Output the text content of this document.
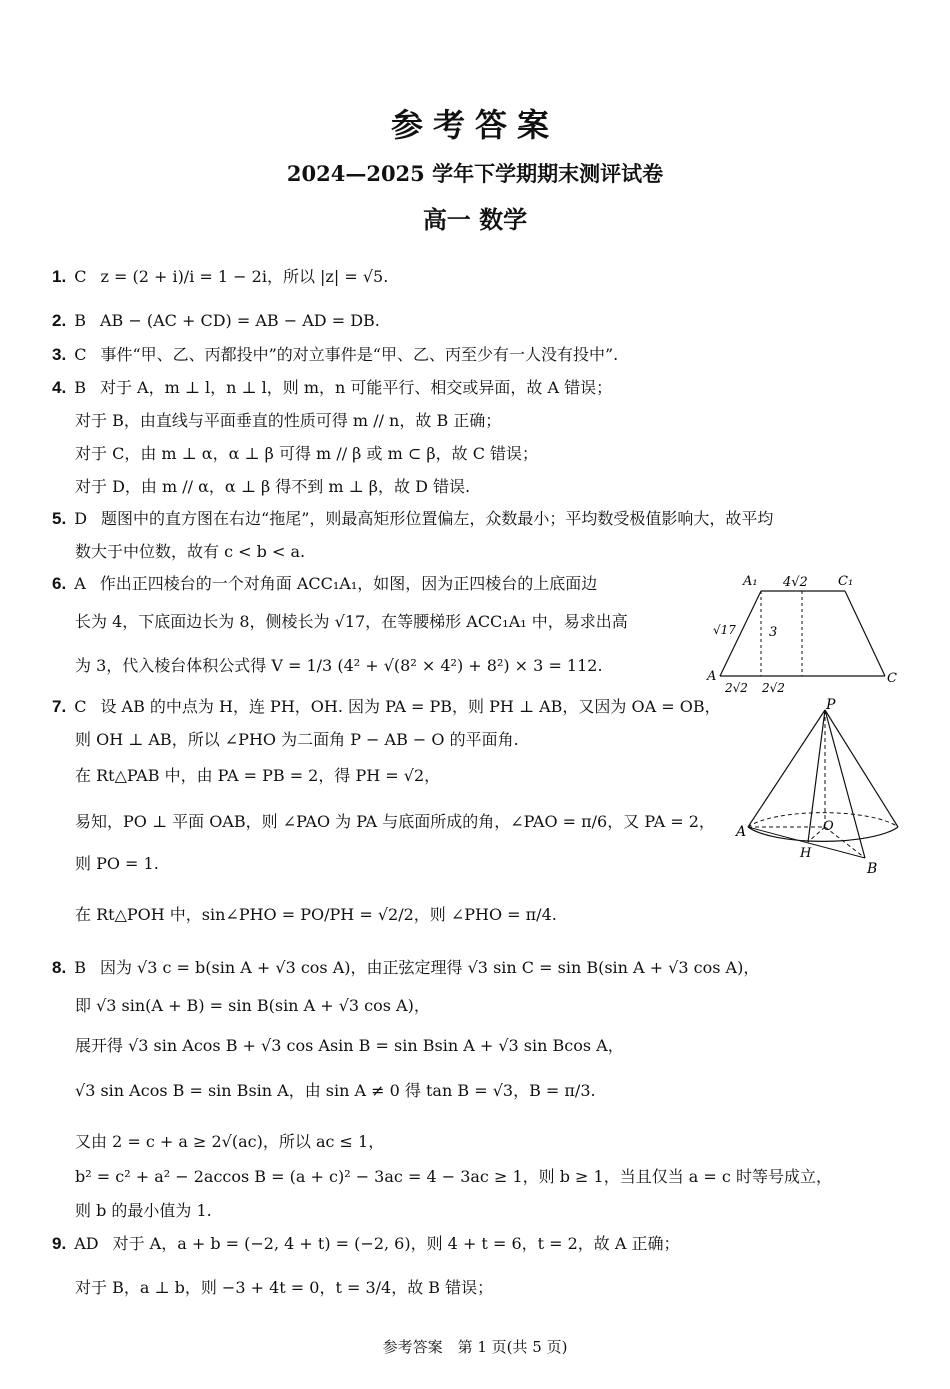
参考答案
2024—2025 学年下学期期末测评试卷
高一 数学
1. C z = (2 + i)/i = 1 − 2i，所以 |z| = √5.
2. B AB − (AC + CD) = AB − AD = DB.
3. C 事件“甲、乙、丙都投中”的对立事件是“甲、乙、丙至少有一人没有投中”.
4. B 对于 A，m ⊥ l，n ⊥ l，则 m，n 可能平行、相交或异面，故 A 错误；
对于 B，由直线与平面垂直的性质可得 m // n，故 B 正确；
对于 C，由 m ⊥ α，α ⊥ β 可得 m // β 或 m ⊂ β，故 C 错误；
对于 D，由 m // α，α ⊥ β 得不到 m ⊥ β，故 D 错误.
5. D 题图中的直方图在右边“拖尾”，则最高矩形位置偏左，众数最小；平均数受极值影响大，故平均
数大于中位数，故有 c < b < a.
6. A 作出正四棱台的一个对角面 ACC₁A₁，如图，因为正四棱台的上底面边
长为 4，下底面边长为 8，侧棱长为 √17，在等腰梯形 ACC₁A₁ 中，易求出高
为 3，代入棱台体积公式得 V = 1/3 (4² + √(8² × 4²) + 8²) × 3 = 112.
7. C 设 AB 的中点为 H，连 PH，OH. 因为 PA = PB，则 PH ⊥ AB，又因为 OA = OB，
则 OH ⊥ AB，所以 ∠PHO 为二面角 P − AB − O 的平面角.
在 Rt△PAB 中，由 PA = PB = 2，得 PH = √2，
易知，PO ⊥ 平面 OAB，则 ∠PAO 为 PA 与底面所成的角，∠PAO = π/6，又 PA = 2，
则 PO = 1.
在 Rt△POH 中，sin∠PHO = PO/PH = √2/2，则 ∠PHO = π/4.
8. B 因为 √3 c = b(sin A + √3 cos A)，由正弦定理得 √3 sin C = sin B(sin A + √3 cos A)，
即 √3 sin(A + B) = sin B(sin A + √3 cos A)，
展开得 √3 sin Acos B + √3 cos Asin B = sin Bsin A + √3 sin Bcos A，
√3 sin Acos B = sin Bsin A，由 sin A ≠ 0 得 tan B = √3，B = π/3.
又由 2 = c + a ≥ 2√(ac)，所以 ac ≤ 1，
b² = c² + a² − 2accos B = (a + c)² − 3ac = 4 − 3ac ≥ 1，则 b ≥ 1，当且仅当 a = c 时等号成立，
则 b 的最小值为 1.
9. AD 对于 A，a + b = (−2, 4 + t) = (−2, 6)，则 4 + t = 6，t = 2，故 A 正确；
对于 B，a ⊥ b，则 −3 + 4t = 0，t = 3/4，故 B 错误；
A₁ 4√2 C₁
√17	3
A
2√2 2√2
C
P
A	O
H
B
参考答案　第 1 页(共 5 页)
